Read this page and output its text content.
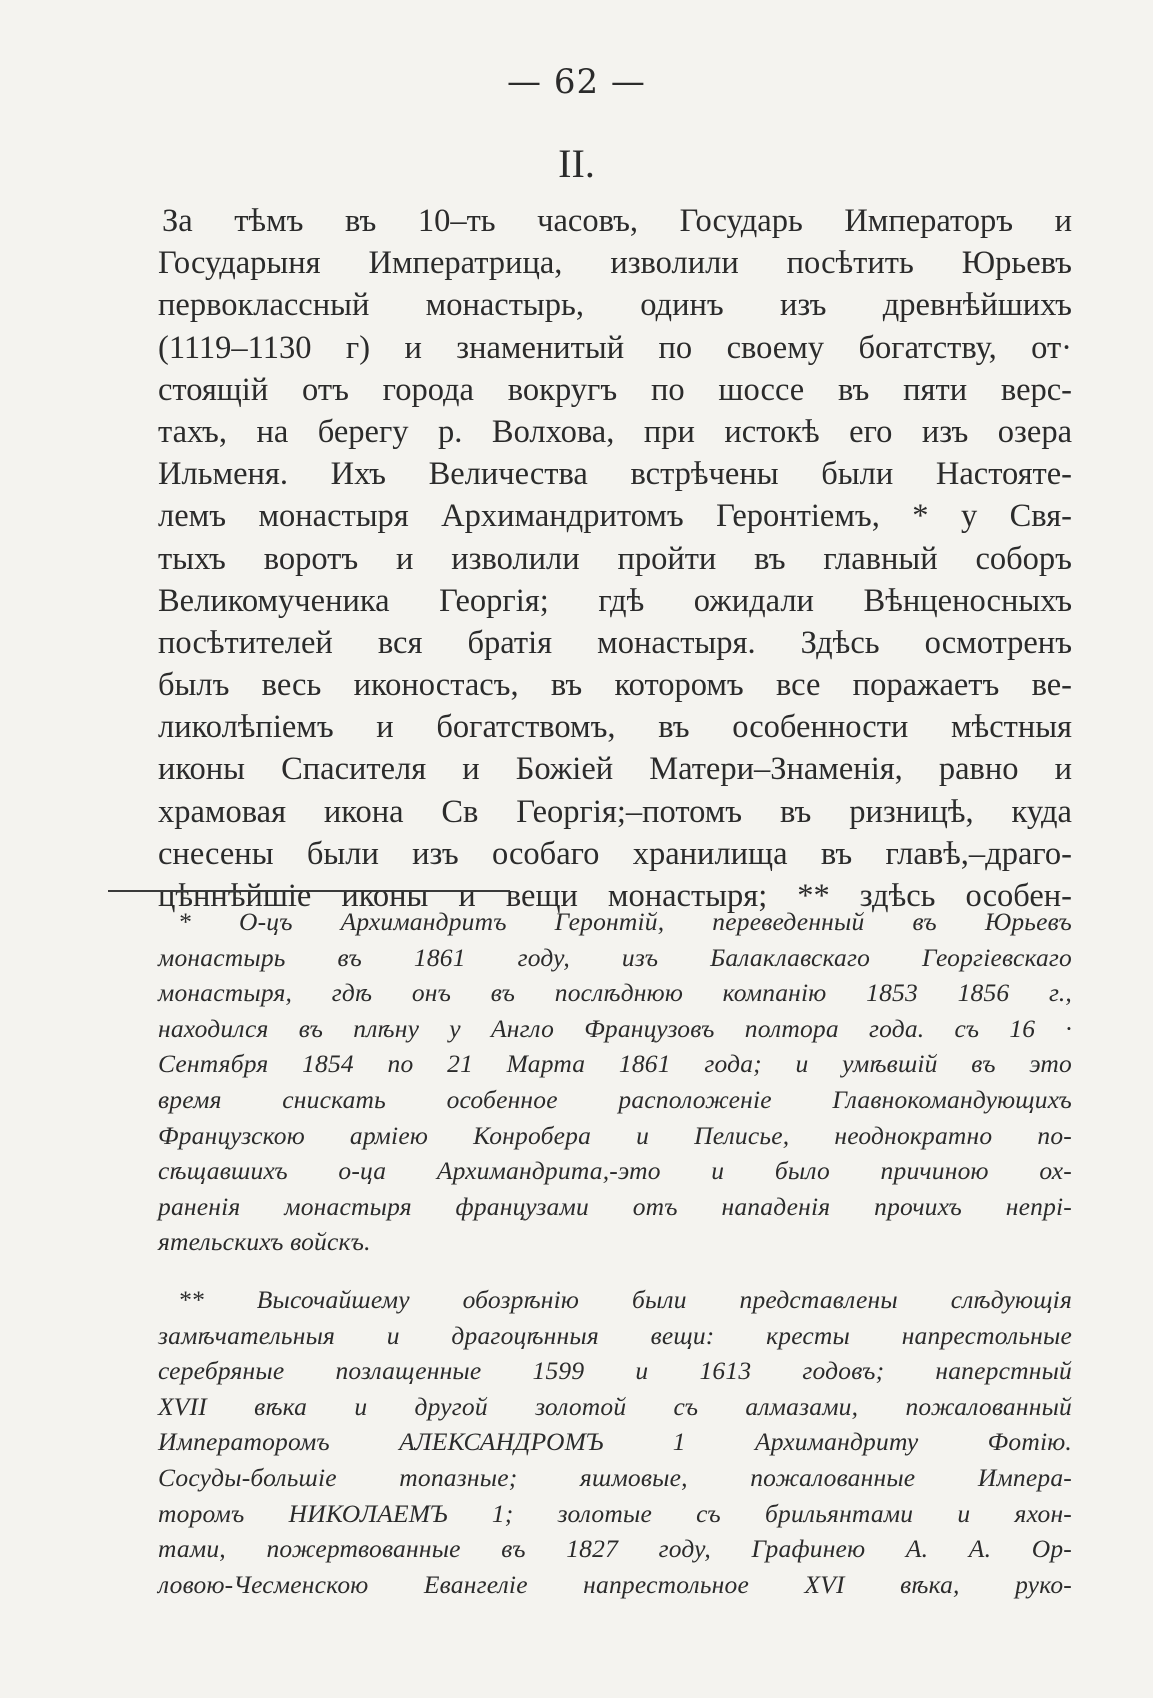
— 62 —
II.
За тѣмъ въ 10–ть часовъ, Государь Императоръ и
Государыня Императрица, изволили посѣтить Юрьевъ
первоклассный монастырь, одинъ изъ древнѣйшихъ
(1119–1130 г) и знаменитый по своему богатству, от·
стоящій отъ города вокругъ по шоссе въ пяти верс-
тахъ, на берегу р. Волхова, при истокѣ его изъ озера
Ильменя. Ихъ Величества встрѣчены были Настояте-
лемъ монастыря Архимандритомъ Геронтіемъ, * у Свя-
тыхъ воротъ и изволили пройти въ главный соборъ
Великомученика Георгія; гдѣ ожидали Вѣнценосныхъ
посѣтителей вся братія монастыря. Здѣсь осмотренъ
былъ весь иконостасъ, въ которомъ все поражаетъ ве-
ликолѣпіемъ и богатствомъ, въ особенности мѣстныя
иконы Спасителя и Божіей Матери–Знаменія, равно и
храмовая икона Св Георгія;–потомъ въ ризницѣ, куда
снесены были изъ особаго хранилища въ главѣ,–драго-
цѣннѣйшіе иконы и вещи монастыря; ** здѣсь особен-
* О-цъ Архимандритъ Геронтій, переведенный въ Юрьевъ
монастырь въ 1861 году, изъ Балаклавскаго Георгіевскаго
монастыря, гдѣ онъ въ послѣднюю компанію 1853 1856 г.,
находился въ плѣну у Англо Французовъ полтора года. съ 16 ·
Сентября 1854 по 21 Марта 1861 года; и умѣвшій въ это
время снискать особенное расположеніе Главнокомандующихъ
Французскою арміею Конробера и Пелисье, неоднократно по-
сѣщавшихъ о-ца Архимандрита,-это и было причиною ох-
раненія монастыря французами отъ нападенія прочихъ непрі-
ятельскихъ войскъ.
** Высочайшему обозрѣнію были представлены слѣдующія
замѣчательныя и драгоцѣнныя вещи: кресты напрестольные
серебряные позлащенные 1599 и 1613 годовъ; наперстный
XVII вѣка и другой золотой съ алмазами, пожалованный
Императоромъ АЛЕКСАНДРОМЪ 1 Архимандриту Фотію.
Сосуды-большіе топазные; яшмовые, пожалованные Импера-
торомъ НИКОЛАЕМЪ 1; золотые съ брильянтами и яхон-
тами, пожертвованные въ 1827 году, Графинею А. А. Ор-
ловою-Чесменскою Евангеліе напрестольное XVI вѣка, руко-
